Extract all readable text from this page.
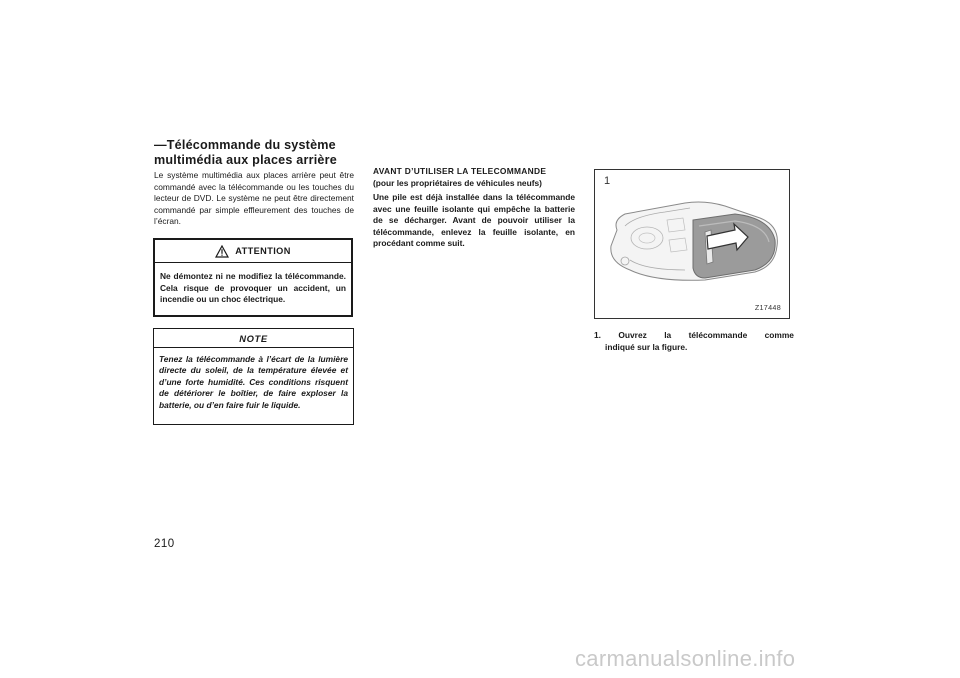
—Télécommande du système
multimédia aux places arrière
Le système multimédia aux places arrière peut être commandé avec la télécommande ou les touches du lecteur de DVD. Le système ne peut être directement commandé par simple effleurement des touches de l’écran.
ATTENTION
Ne démontez ni ne modifiez la télécommande. Cela risque de provoquer un accident, un incendie ou un choc électrique.
NOTE
Tenez la télécommande à l’écart de la lumière directe du soleil, de la température élevée et d’une forte humidité. Ces conditions risquent de détériorer le boîtier, de faire exploser la batterie, ou d’en faire fuir le liquide.
210
AVANT D’UTILISER LA TELECOMMANDE
(pour les propriétaires de véhicules neufs)
Une pile est déjà installée dans la télécommande avec une feuille isolante qui empêche la batterie de se décharger. Avant de pouvoir utiliser la télécommande, enlevez la feuille isolante, en procédant comme suit.
1
Z17448
1. Ouvrez la télécommande comme
indiqué sur la figure.
carmanualsonline.info
